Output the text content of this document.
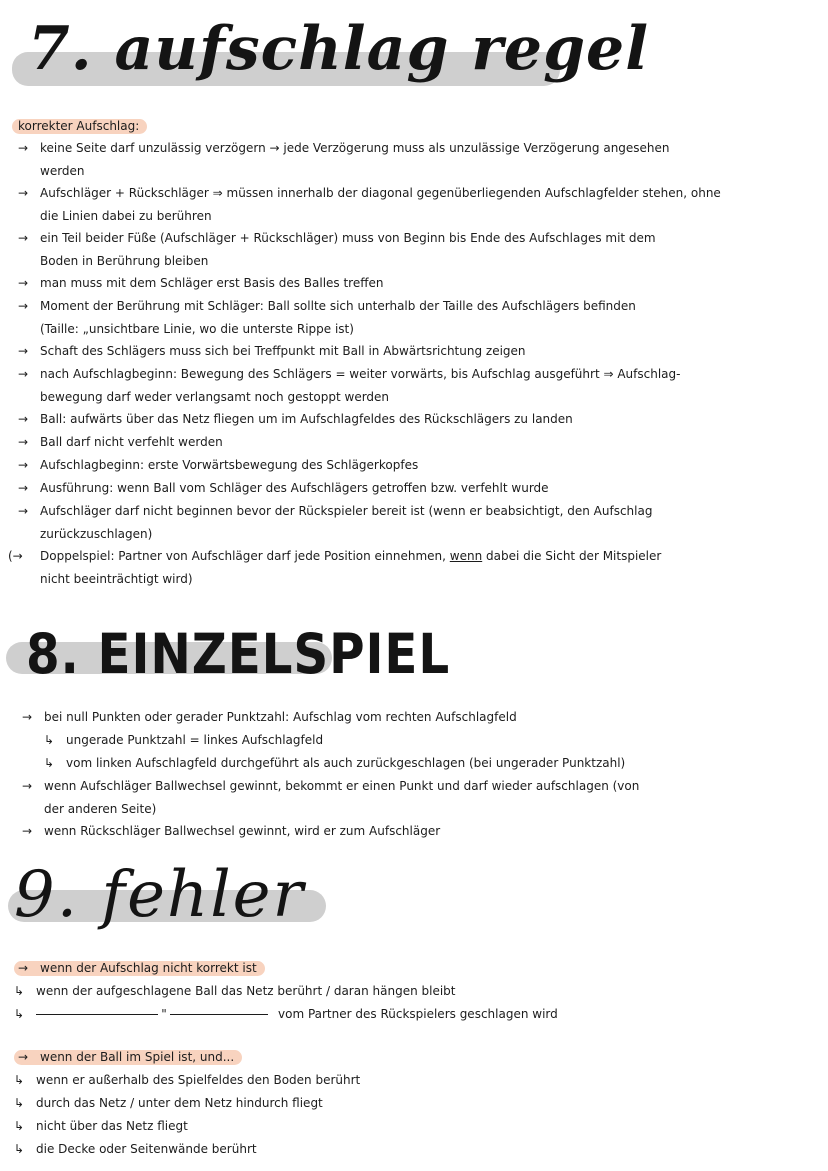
7. aufschlag regel
korrekter Aufschlag:
→ keine Seite darf unzulässig verzögern → jede Verzögerung muss als unzulässige Verzögerung angesehen
werden
→ Aufschläger + Rückschläger ⇒ müssen innerhalb der diagonal gegenüberliegenden Aufschlagfelder stehen, ohne
die Linien dabei zu berühren
→ ein Teil beider Füße (Aufschläger + Rückschläger) muss von Beginn bis Ende des Aufschlages mit dem
Boden in Berührung bleiben
→ man muss mit dem Schläger erst Basis des Balles treffen
→ Moment der Berührung mit Schläger: Ball sollte sich unterhalb der Taille des Aufschlägers befinden
(Taille: „unsichtbare Linie, wo die unterste Rippe ist)
→ Schaft des Schlägers muss sich bei Treffpunkt mit Ball in Abwärtsrichtung zeigen
→ nach Aufschlagbeginn: Bewegung des Schlägers = weiter vorwärts, bis Aufschlag ausgeführt ⇒ Aufschlag-
bewegung darf weder verlangsamt noch gestoppt werden
→ Ball: aufwärts über das Netz fliegen um im Aufschlagfeldes des Rückschlägers zu landen
→ Ball darf nicht verfehlt werden
→ Aufschlagbeginn: erste Vorwärtsbewegung des Schlägerkopfes
→ Ausführung: wenn Ball vom Schläger des Aufschlägers getroffen bzw. verfehlt wurde
→ Aufschläger darf nicht beginnen bevor der Rückspieler bereit ist (wenn er beabsichtigt, den Aufschlag
zurückzuschlagen)
(→ Doppelspiel: Partner von Aufschläger darf jede Position einnehmen, wenn dabei die Sicht der Mitspieler
nicht beeinträchtigt wird)
8. EINZELSPIEL
→ bei null Punkten oder gerader Punktzahl: Aufschlag vom rechten Aufschlagfeld
↳ ungerade Punktzahl = linkes Aufschlagfeld
↳ vom linken Aufschlagfeld durchgeführt als auch zurückgeschlagen (bei ungerader Punktzahl)
→ wenn Aufschläger Ballwechsel gewinnt, bekommt er einen Punkt und darf wieder aufschlagen (von
der anderen Seite)
→ wenn Rückschläger Ballwechsel gewinnt, wird er zum Aufschläger
9. fehler
→ wenn der Aufschlag nicht korrekt ist
↳ wenn der aufgeschlagene Ball das Netz berührt / daran hängen bleibt
↳	"	vom Partner des Rückspielers geschlagen wird
→ wenn der Ball im Spiel ist, und...
↳ wenn er außerhalb des Spielfeldes den Boden berührt
↳ durch das Netz / unter dem Netz hindurch fliegt
↳ nicht über das Netz fliegt
↳ die Decke oder Seitenwände berührt
